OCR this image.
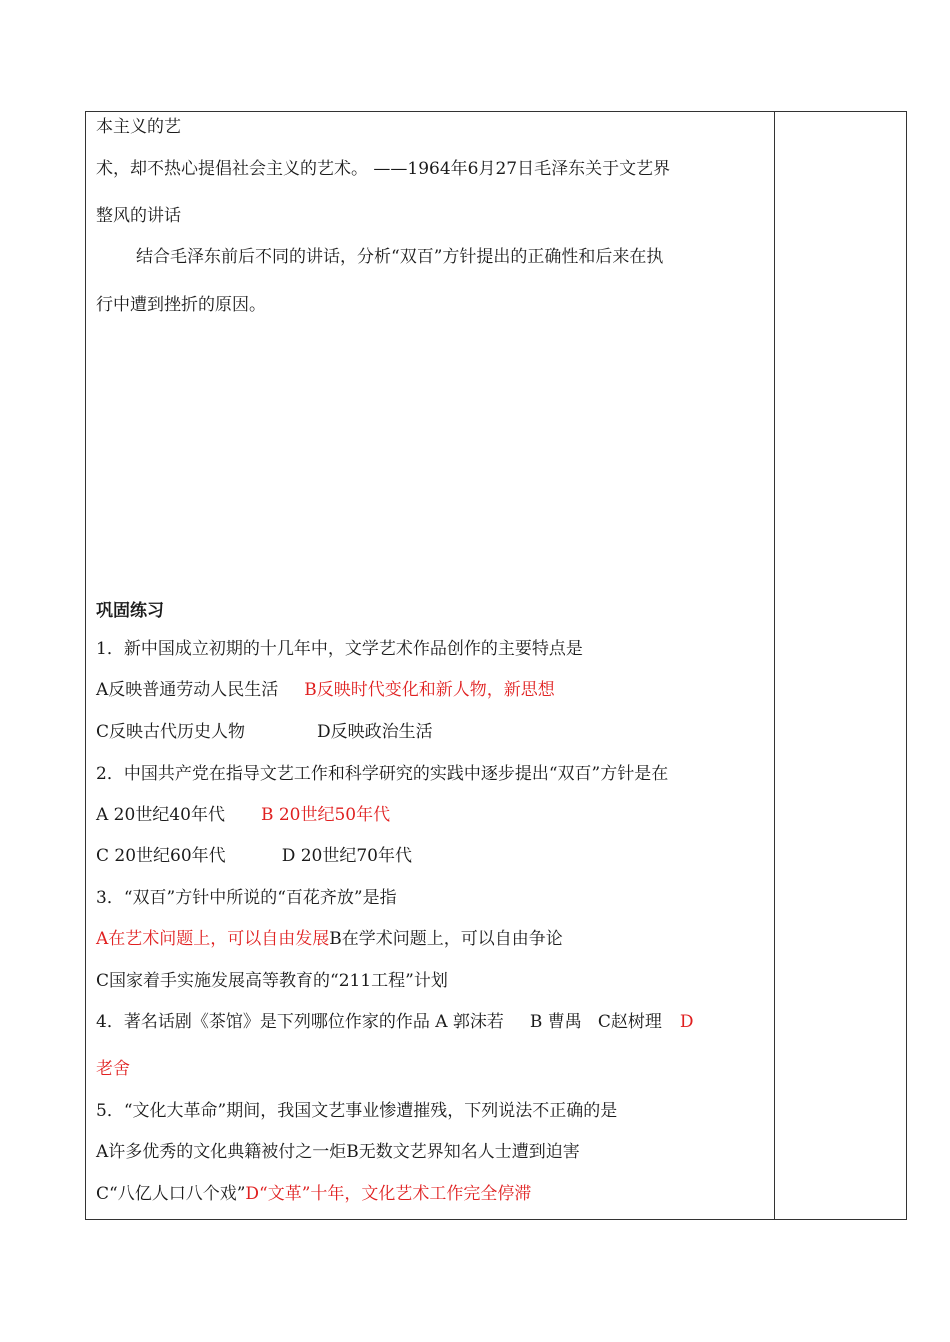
本主义的艺
术，却不热心提倡社会主义的艺术。 ——1964年6月27日毛泽东关于文艺界
整风的讲话
结合毛泽东前后不同的讲话，分析“双百”方针提出的正确性和后来在执
行中遭到挫折的原因。
巩固练习
1．新中国成立初期的十几年中，文学艺术作品创作的主要特点是
A反映普通劳动人民生活 B反映时代变化和新人物，新思想
C反映古代历史人物	D反映政治生活
2．中国共产党在指导文艺工作和科学研究的实践中逐步提出“双百”方针是在
A 20世纪40年代 B 20世纪50年代
C 20世纪60年代	D 20世纪70年代
3．“双百”方针中所说的“百花齐放”是指
A在艺术问题上，可以自由发展B在学术问题上，可以自由争论
C国家着手实施发展高等教育的“211工程”计划
4．著名话剧《茶馆》是下列哪位作家的作品 A 郭沫若 B 曹禺 C赵树理 D
老舍
5．“文化大革命”期间，我国文艺事业惨遭摧残，下列说法不正确的是
A许多优秀的文化典籍被付之一炬B无数文艺界知名人士遭到迫害
C“八亿人口八个戏”D“文革”十年，文化艺术工作完全停滞
